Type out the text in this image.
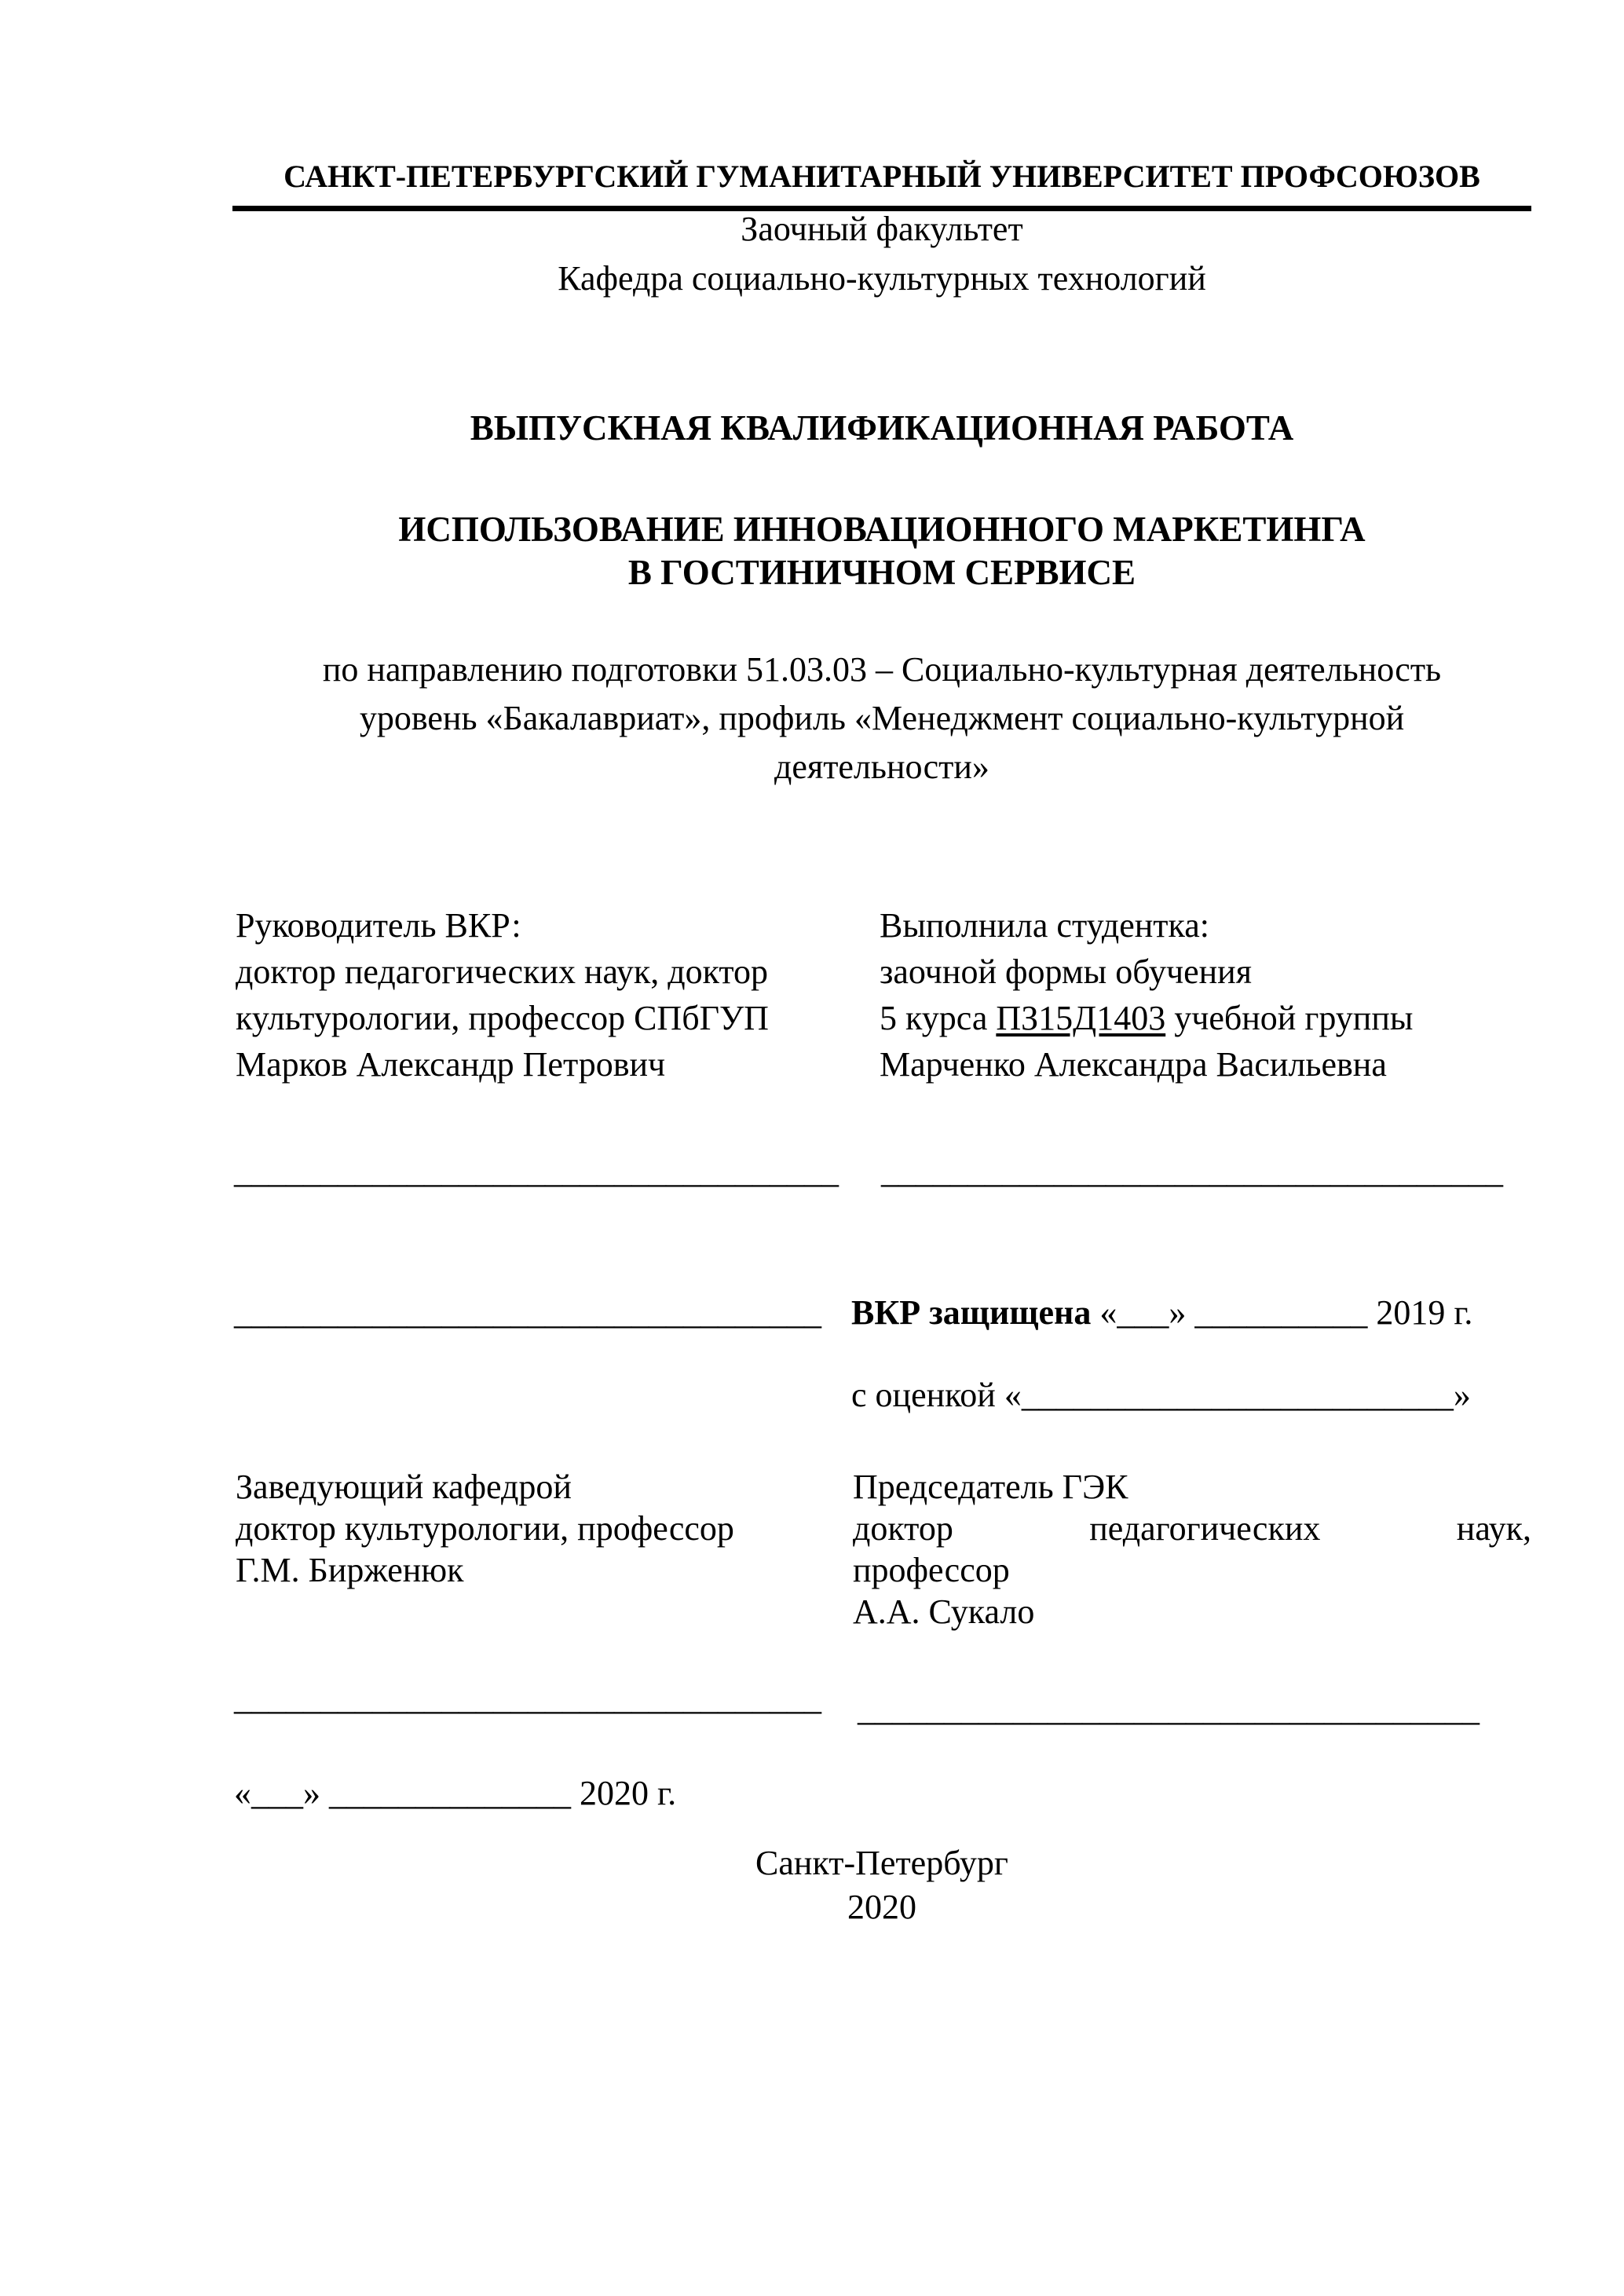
САНКТ-ПЕТЕРБУРГСКИЙ ГУМАНИТАРНЫЙ УНИВЕРСИТЕТ ПРОФСОЮЗОВ
Заочный факультет
Кафедра социально-культурных технологий
ВЫПУСКНАЯ КВАЛИФИКАЦИОННАЯ РАБОТА
ИСПОЛЬЗОВАНИЕ ИННОВАЦИОННОГО МАРКЕТИНГА
В ГОСТИНИЧНОМ СЕРВИСЕ
по направлению подготовки 51.03.03 – Социально-культурная деятельность
уровень «Бакалавриат», профиль «Менеджмент социально-культурной
деятельности»
Руководитель ВКР:
доктор педагогических наук, доктор
культурологии, профессор СПбГУП
Марков Александр Петрович
Выполнила студентка:
заочной формы обучения
5 курса ПЗ15Д1403 учебной группы
Марченко Александра Васильевна
___________________________________ ____________________________________
__________________________________ ВКР защищена «___» __________ 2019 г.
с оценкой «_________________________»
Заведующий кафедрой
доктор культурологии, профессор
Г.М. Бирженюк
Председатель ГЭК
доктор	педагогических	наук,
профессор
А.А. Сукало
__________________________________ ____________________________________
«___» ______________ 2020 г.
Санкт-Петербург
2020
